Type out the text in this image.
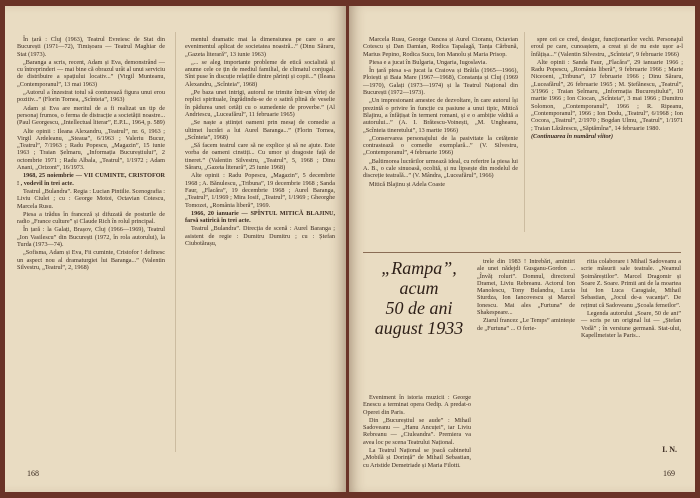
În țară : Cluj (1963), Teatrul Evreiesc de Stat din București (1971—72), Timișoara — Teatrul Maghiar de Stat (1973).

„Baranga a scris, recent, Adam și Eva, demonstrând — cu întreprinderi — mai bine că obrazul urât al unui serviciu de distribuire a spațiului locativ...” (Virgil Munteanu, „Contemporanul”, 13 mai 1963)

„Autorul a înzestrat totul să conturează figura unui erou pozitiv...” (Florin Tornea, „Scînteia”, 1963)

Adam și Eva are meritul de a fi realizat un tip de personaj frumos, o ferma de distracție a societății noastre... (Paul Georgescu, „Intellectual literar”, E.P.L., 1964, p. 589)

Alte opinii : Ileana Alexandru, „Teatrul”, nr. 6, 1963 ; Virgil Ardeleanu, „Steaua”, 6/1963 ; Valeriu Bucur, „Teatrul”, 7/1963 ; Radu Popescu, „Magazin”, 15 iunie 1963 ; Traian Șelmaru, „Informația Bucureștiului”, 2 octombrie 1971 ; Radu Albala, „Teatrul”, 1/1972 ; Adam Anani, „Orizont”, 16/1973.

1968, 25 noiembrie — VII CUMINTE, CRISTOFOR ! , vodevil în trei acte.

Teatrul „Bulandra”. Regia : Lucian Pintilie. Scenografia : Liviu Ciulei ; cu : George Motoi, Octavian Cotescu, Marcela Rusu.

Piesa a trădus în franceză și difuzată de posturile de radio „France culture” și Claude Rich în rolul principal.

În țară : la Galați, Brașov, Cluj (1966—1969), Teatrul „Ion Vasilescu” din București (1972, în rola autorului), la Turda (1973—74).

„Sofisma, Adam și Eva, Fii cuminte, Cristofor ! definesc un aspect nou al dramaturgiei lui Baranga...” (Valentin Silvestru, „Teatrul”, 2, 1968)

mentul dramatic mai la dimensiunea pe care o are evenimentul aplicat de societatea noastră...” (Dinu Săraru, „Gazeta literară”, 13 iunie 1963)

„... se aleg importante probleme de etică socialistă și anume cele ce țin de mediul familial, de climatul conjugal. Sînt puse în discuție relațiile dintre părinți și copii...” (Ileana Alexandru, „Scînteia”, 1968)

„Pe baza unei intrigi, autorul ne trimite într-un vîrtej de replici spirituale, îngrădindu-se de o satiră plină de veselie în pădurea unei cetăți cu o sumedenie de proverbe.” (Al Andriescu, „Luceafărul”, 11 februarie 1965)

„Se naște a științei oameni prin mesaj de comedie a ultimei lucrări a lui Aurel Baranga...” (Florin Tornea, „Scînteia”, 1968)

„Să facem teatrul care să ne explice și să ne ajute. Este vorba de oameni cinstiți... Cu umor și dragoste față de tineret.” (Valentin Silvestru, „Teatrul”, 5, 1968 ; Dinu Săraru, „Gazeta literară”, 25 iunie 1968)

Alte opinii : Radu Popescu, „Magazin”, 5 decembrie 1968 ; A. Bănulescu, „Tribuna”, 19 decembrie 1968 ; Sanda Faur, „Flacăra”, 19 decembrie 1968 ; Aurel Baranga, „Teatrul”, 1/1969 ; Mira Iosif, „Teatrul”, 1/1969 ; Gheorghe Tomozei, „România liberă”, 1969.

1966, 20 ianuarie — SPÎNTUL MITICĂ BLAJINU, farsă satirică în trei acte.

Teatrul „Bulandra”. Direcția de scenă : Aurel Baranga ; asistent de regie : Dumitru Dumitru ; cu : Ștefan Ciubotărașu,

168

Marcela Rusu, George Oancea și Aurel Cioranu, Octavian Cotescu și Dan Damian, Rodica Tapalagă, Tanța Cărbună, Marius Pepino, Rodica Sucu, Ion Manolu și Maria Prisop.

Piesa e a jucat în Bulgaria, Ungaria, Iugoslavia.

În țară piesa s-a jucat la Craiova și Brăila (1965—1966), Ploiești și Baia Mare (1967—1968), Constanța și Cluj (1969—1970), Galați (1973—1974) și la Teatrul Național din București (1972—1973).

„Un impresionant amestec de dezvoltare, în care autorul își prezintă o privire în funcție cu pasiune a unui tipic, Mitică Blajinu, a înfățișat în termeni romani, și e o ambiție vădită a autorului...” (A. I. Brătescu-Voinești, „M. Ungheanu, „Scînteia tineretului”, 13 martie 1966)

„Conservarea personajului de la pasivitate la cetățenie contrastează o comedie exemplară...” (V. Silvestru, „Contemporanul”, 4 februarie 1966)

„Baltimorea lucrărilor urmează ideal, cu referire la piesa lui A. B., o cale sinuoasă, ocolită, și nu lipsește din modelul de discreție teatrală...” (V. Mândra, „Luceafărul”, 1966)

Mitică Blajinu și Adela Coaste

spre cei ce cred, desigur, funcționarilor vechi. Personajul eroul pe care, cunoaștem, a creat și de nu este ușor a-l înfățișa...” (Valentin Silvestru, „Scînteia”, 9 februarie 1966)

Alte opinii : Sanda Faur, „Flacăra”, 29 ianuarie 1966 ; Radu Popescu, „România liberă”, 9 februarie 1966 ; Marie Niceoeni, „Tribuna”, 17 februarie 1966 ; Dinu Săraru, „Luceafărul”, 26 februarie 1965 ; M. Ștefănescu, „Teatrul”, 3/1966 ; Traian Șelmaru, „Informația Bucureștiului”, 10 martie 1966 ; Ion Ciocan, „Scînteia”, 3 mai 1966 ; Dumitru Solomon, „Contemporanul”, 1966 ; R. Ripeanu, „Contemporanul”, 1966 ; Ion Dodu, „Teatrul”, 6/1968 ; Ion Cocora, „Teatrul”, 2/1970 ; Bogdan Ulmu, „Teatrul”, 1/1971 ; Traian Lăzărescu, „Săptămîna”, 14 februarie 1980.

(Continuarea în numărul viitor)

„Rampa”,
acum
50 de ani
august 1933

Eveniment în istoria muzicii : George Enescu a terminat opera Oedip. A predat-o Operei din Paris.

Din „Bucureștiul se aude” : Mihail Sadoveanu — „Hanu Ancuței”, iar Liviu Rebreanu — „Ciuleandra”. Premiera va avea loc pe scena Teatrului Național.

La Teatrul Național se joacă cabinetul „Mobilă și Dorință” de Mihail Sebastian, cu Aristide Demetriade și Maria Filotti.

trele din 1983 ! Intrebări, amintiri ale unei nădejdi Gusganu-Gordon ... „Învăț roluri”. Domnul, directorul Dramei, Liviu Rebreanu. Actorul Ion Manolescu, Tony Bulandra, Lucia Sturdza, Ion Iancovescu și Marcel Ionescu. Mai ales „Furtuna” de Shakespeare...

Ziarul francez „Le Temps” amintește de „Furtuna” ... O ferie-

ritia colaborare i Mihail Sadoveanu a scrie măsurii sale teatrale. „Neamul Șoimăreștilor”. Marcel Dragomir și Soare Z. Soare. Primii ani de la moartea lui Ion Luca Caragiale, Mihail Sebastian, „Jocul de-a vacanța”. De reținut că Sadoveanu „Școala femeilor”.

Legenda autorului „Soare, 50 de ani” — scris pe un original lui — „Ștefan Vodă” ; în versiune germană. Stat-ului, Kapellmeister la Paris...

I. N.
169
